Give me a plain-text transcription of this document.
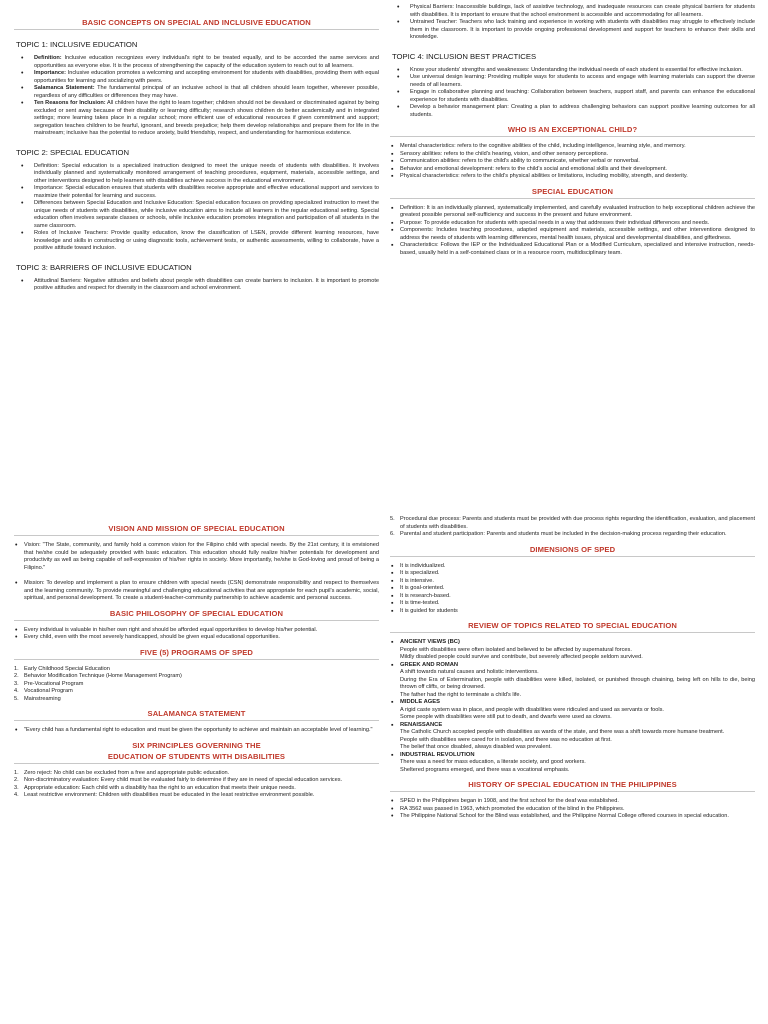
BASIC CONCEPTS ON SPECIAL AND INCLUSIVE EDUCATION
TOPIC 1: INCLUSIVE EDUCATION
• Definition: Inclusive education recognizes every individual's right to be treated equally, and to be accorded the same services and opportunities as everyone else. It is the process of strengthening the capacity of the education system to reach out to all learners.
• Importance: Inclusive education promotes a welcoming and accepting environment for students with disabilities, providing them with equal opportunities for learning and socializing with peers.
• Salamanca Statement: The fundamental principal of an inclusive school is that all children should learn together, wherever possible, regardless of any difficulties or differences they may have.
• Ten Reasons for Inclusion: All children have the right to learn together; children should not be devalued or discriminated against by being excluded or sent away because of their disability or learning difficulty; research shows children do better academically and in integrated settings; more learning takes place in a regular school; more efficient use of educational resources if given commitment and support; segregation teaches children to be fearful, ignorant, and breeds prejudice; help them develop relationships and prepare them for life in the mainstream; inclusive has the potential to reduce anxiety, build friendship, respect, and understanding for harmonious existence.
TOPIC 2: SPECIAL EDUCATION
• Definition: Special education is a specialized instruction designed to meet the unique needs of students with disabilities. It involves individually planned and systematically monitored arrangement of teaching procedures, equipment, materials, accessible settings, and other interventions designed to help learners with disabilities achieve success in the educational environment.
• Importance: Special education ensures that students with disabilities receive appropriate and effective educational support and services to maximize their potential for learning and success.
• Differences between Special Education and Inclusive Education: Special education focuses on providing specialized instruction to meet the unique needs of students with disabilities, while inclusive education aims to include all learners in the regular educational setting. Special education often involves separate classes or schools, while inclusive education promotes integration and participation of all students in the same classroom.
• Roles of Inclusive Teachers: Provide quality education, know the classification of LSEN, provide different learning resources, have knowledge and skills in constructing or using diagnostic tools, achievement tests, or authentic assessments, willing to collaborate, have a positive attitude toward inclusion.
TOPIC 3: BARRIERS OF INCLUSIVE EDUCATION
• Attitudinal Barriers: Negative attitudes and beliefs about people with disabilities can create barriers to inclusion. It is important to promote positive attitudes and respect for diversity in the classroom and school environment.
• Physical Barriers: Inaccessible buildings, lack of assistive technology, and inadequate resources can create physical barriers for students with disabilities. It is important to ensure that the school environment is accessible and accommodating for all learners.
• Untrained Teacher: Teachers who lack training and experience in working with students with disabilities may struggle to effectively include them in the classroom. It is important to provide ongoing professional development and support for teachers to enhance their skills and knowledge.
TOPIC 4: INCLUSION BEST PRACTICES
• Know your students' strengths and weaknesses: Understanding the individual needs of each student is essential for effective inclusion.
• Use universal design learning: Providing multiple ways for students to access and engage with learning materials can support the diverse needs of all learners.
• Engage in collaborative planning and teaching: Collaboration between teachers, support staff, and parents can enhance the educational experience for students with disabilities.
• Develop a behavior management plan: Creating a plan to address challenging behaviors can support positive learning outcomes for all students.
WHO IS AN EXCEPTIONAL CHILD?
▪ Mental characteristics: refers to the cognitive abilities of the child, including intelligence, learning style, and memory.
▪ Sensory abilities: refers to the child's hearing, vision, and other sensory perceptions.
▪ Communication abilities: refers to the child's ability to communicate, whether verbal or nonverbal.
▪ Behavior and emotional development: refers to the child's social and emotional skills and their development.
▪ Physical characteristics: refers to the child's physical abilities or limitations, including mobility, strength, and dexterity.
SPECIAL EDUCATION
▪ Definition: It is an individually planned, systematically implemented, and carefully evaluated instruction to help exceptional children achieve the greatest possible personal self-sufficiency and success in the present and future environment.
▪ Purpose: To provide education for students with special needs in a way that addresses their individual differences and needs.
▪ Components: Includes teaching procedures, adapted equipment and materials, accessible settings, and other interventions designed to address the needs of students with learning differences, mental health issues, physical and developmental disabilities, and giftedness.
▪ Characteristics: Follows the IEP or the Individualized Educational Plan or a Modified Curriculum, specialized and intensive instruction, needs-based, usually held in a self-contained class or in a resource room, multidisciplinary team.
VISION AND MISSION OF SPECIAL EDUCATION
• Vision: "The State, community, and family hold a common vision for the Filipino child with special needs. By the 21st century, it is envisioned that he/she could be adequately provided with basic education. This education should fully realize his/her potentials for development and productivity as well as being capable of self-expression of his/her rights in society. More importantly, he/she is God-loving and proud of being a Filipino."
• Mission: To develop and implement a plan to ensure children with special needs (CSN) demonstrate responsibility and respect to themselves and the learning community. To provide meaningful and challenging educational activities that are appropriate for each pupil's academic, social, spiritual, and personal development. To create a student-teacher-community partnership to achieve academic and personal success.
BASIC PHILOSOPHY OF SPECIAL EDUCATION
• Every individual is valuable in his/her own right and should be afforded equal opportunities to develop his/her potential.
• Every child, even with the most severely handicapped, should be given equal educational opportunities.
FIVE (5) PROGRAMS OF SPED
1. Early Childhood Special Education
2. Behavior Modification Technique (Home Management Program)
3. Pre-Vocational Program
4. Vocational Program
5. Mainstreaming
SALAMANCA STATEMENT
• "Every child has a fundamental right to education and must be given the opportunity to achieve and maintain an acceptable level of learning."
SIX PRINCIPLES GOVERNING THE
EDUCATION OF STUDENTS WITH DISABILITIES
1. Zero reject: No child can be excluded from a free and appropriate public education.
2. Non-discriminatory evaluation: Every child must be evaluated fairly to determine if they are in need of special education services.
3. Appropriate education: Each child with a disability has the right to an education that meets their unique needs.
4. Least restrictive environment: Children with disabilities must be educated in the least restrictive environment possible.
5. Procedural due process: Parents and students must be provided with due process rights regarding the identification, evaluation, and placement of students with disabilities.
6. Parental and student participation: Parents and students must be included in the decision-making process regarding their education.
DIMENSIONS OF SPED
▪ It is individualized.
▪ It is specialized.
▪ It is intensive.
▪ It is goal-oriented.
▪ It is research-based.
▪ It is time-tested.
▪ It is guided for students
REVIEW OF TOPICS RELATED TO SPECIAL EDUCATION
▪ ANCIENT VIEWS (BC)
People with disabilities were often isolated and believed to be affected by supernatural forces.
Mildly disabled people could survive and contribute, but severely affected people seldom survived.
▪ GREEK AND ROMAN
A shift towards natural causes and holistic interventions.
During the Era of Extermination, people with disabilities were killed, isolated, or punished through chaining, being left on hills to die, being thrown off cliffs, or being drowned.
The father had the right to terminate a child's life.
▪ MIDDLE AGES
A rigid caste system was in place, and people with disabilities were ridiculed and used as servants or fools.
Some people with disabilities were still put to death, and dwarfs were used as clowns.
▪ RENAISSANCE
The Catholic Church accepted people with disabilities as wards of the state, and there was a shift towards more humane treatment.
People with disabilities were cared for in isolation, and there was no education at first.
The belief that once disabled, always disabled was prevalent.
▪ INDUSTRIAL REVOLUTION
There was a need for mass education, a literate society, and good workers.
Sheltered programs emerged, and there was a vocational emphasis.
HISTORY OF SPECIAL EDUCATION IN THE PHILIPPINES
• SPED in the Philippines began in 1908, and the first school for the deaf was established.
• RA 3562 was passed in 1963, which promoted the education of the blind in the Philippines.
• The Philippine National School for the Blind was established, and the Philippine Normal College offered courses in special education.
